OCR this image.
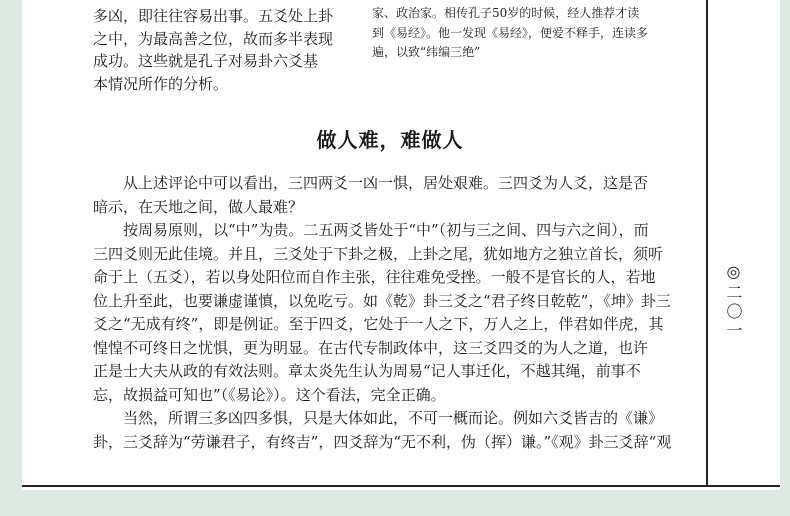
多凶，即往往容易出事。五爻处上卦

之中，为最高善之位，故而多半表现

成功。这些就是孔子对易卦六爻基

本情况所作的分析。

家、政治家。相传孔子50岁的时候，经人推荐才读

到《易经》。他一发现《易经》，便爱不释手，连读多

遍，以致“纬编三绝”

做人难，难做人

　　从上述评论中可以看出，三四两爻一凶一惧，居处艰难。三四爻为人爻，这是否

暗示，在天地之间，做人最难？

　　按周易原则，以“中”为贵。二五两爻皆处于“中”（初与三之间、四与六之间），而

三四爻则无此佳境。并且，三爻处于下卦之极，上卦之尾，犹如地方之独立首长，须听

命于上（五爻），若以身处阳位而自作主张，往往难免受挫。一般不是官长的人，若地

位上升至此，也要谦虚谨慎，以免吃亏。如《乾》卦三爻之“君子终日乾乾”，《坤》卦三

爻之“无成有终”，即是例证。至于四爻，它处于一人之下，万人之上，伴君如伴虎，其

惶惶不可终日之忧惧，更为明显。在古代专制政体中，这三爻四爻的为人之道，也许

正是士大夫从政的有效法则。章太炎先生认为周易“记人事迁化，不越其绳，前事不

忘，故损益可知也”（《易论》）。这个看法，完全正确。

　　当然，所谓三多凶四多惧，只是大体如此，不可一概而论。例如六爻皆吉的《谦》

卦，三爻辞为“劳谦君子，有终吉”，四爻辞为“无不利，伪（挥）谦。”《观》卦三爻辞“观

◎二〇一
